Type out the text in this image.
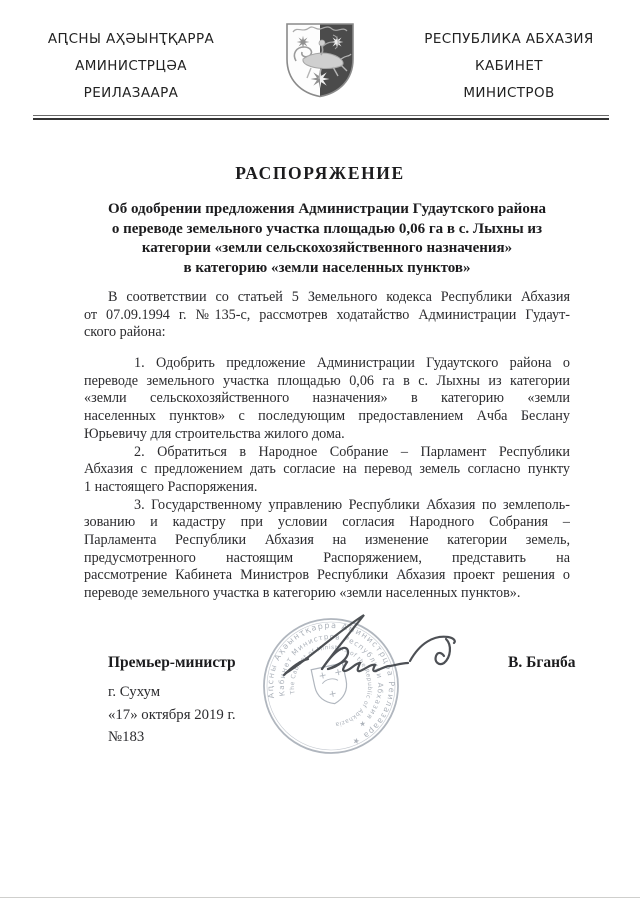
АԤСНЫ АҲӘЫНҬҚАРРА
АМИНИСТРЦӘА
РЕИЛАЗААРА
РЕСПУБЛИКА АБХАЗИЯ
КАБИНЕТ
МИНИСТРОВ
РАСПОРЯЖЕНИЕ
Об одобрении предложения Администрации Гудаутского района
о переводе земельного участка площадью 0,06 га в с. Лыхны из
категории «земли сельскохозяйственного назначения»
в категорию «земли населенных пунктов»
В соответствии со статьей 5 Земельного кодекса Республики Абхазия
от 07.09.1994 г. №135-с, рассмотрев ходатайство Администрации Гудаут-
ского района:
1. Одобрить предложение Администрации Гудаутского района о
переводе земельного участка площадью 0,06 га в с. Лыхны из категории
«земли сельскохозяйственного назначения» в категорию «земли
населенных пунктов» с последующим предоставлением Ачба Беслану
Юрьевичу для строительства жилого дома.
2. Обратиться в Народное Собрание – Парламент Республики
Абхазия с предложением дать согласие на перевод земель согласно пункту
1 настоящего Распоряжения.
3. Государственному управлению Республики Абхазия по землеполь-
зованию и кадастру при условии согласия Народного Собрания –
Парламента Республики Абхазия на изменение категории земель,
предусмотренного настоящим Распоряжением, представить на
рассмотрение Кабинета Министров Республики Абхазия проект решения о
переводе земельного участка в категорию «земли населенных пунктов».
Аԥсны Аҳәынҭқарра Аминистрцәа Реилазаара ★
Кабинет Министров Республики Абхазия ★
The Cabinet of Ministers of the Republic of Abkhazia
Премьер-министр	В. Бганба
г. Сухум
«17» октября 2019 г.
№183
